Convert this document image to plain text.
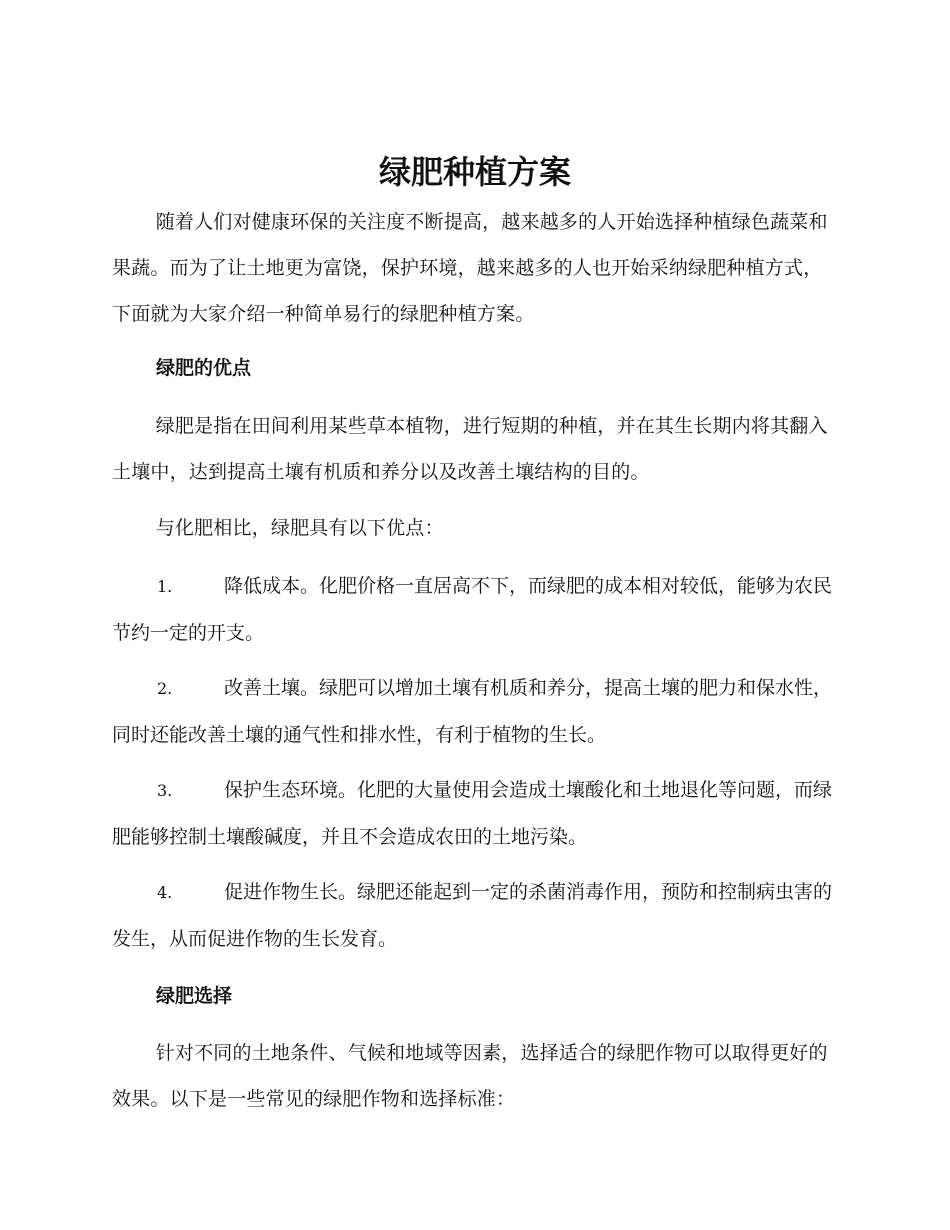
绿肥种植方案

随着人们对健康环保的关注度不断提高，越来越多的人开始选择种植绿色蔬菜和果蔬。而为了让土地更为富饶，保护环境，越来越多的人也开始采纳绿肥种植方式，下面就为大家介绍一种简单易行的绿肥种植方案。

绿肥的优点

绿肥是指在田间利用某些草本植物，进行短期的种植，并在其生长期内将其翻入土壤中，达到提高土壤有机质和养分以及改善土壤结构的目的。

与化肥相比，绿肥具有以下优点：

1.	降低成本。化肥价格一直居高不下，而绿肥的成本相对较低，能够为农民节约一定的开支。

2.	改善土壤。绿肥可以增加土壤有机质和养分，提高土壤的肥力和保水性，同时还能改善土壤的通气性和排水性，有利于植物的生长。

3.	保护生态环境。化肥的大量使用会造成土壤酸化和土地退化等问题，而绿肥能够控制土壤酸碱度，并且不会造成农田的土地污染。

4.	促进作物生长。绿肥还能起到一定的杀菌消毒作用，预防和控制病虫害的发生，从而促进作物的生长发育。

绿肥选择

针对不同的土地条件、气候和地域等因素，选择适合的绿肥作物可以取得更好的效果。以下是一些常见的绿肥作物和选择标准：
